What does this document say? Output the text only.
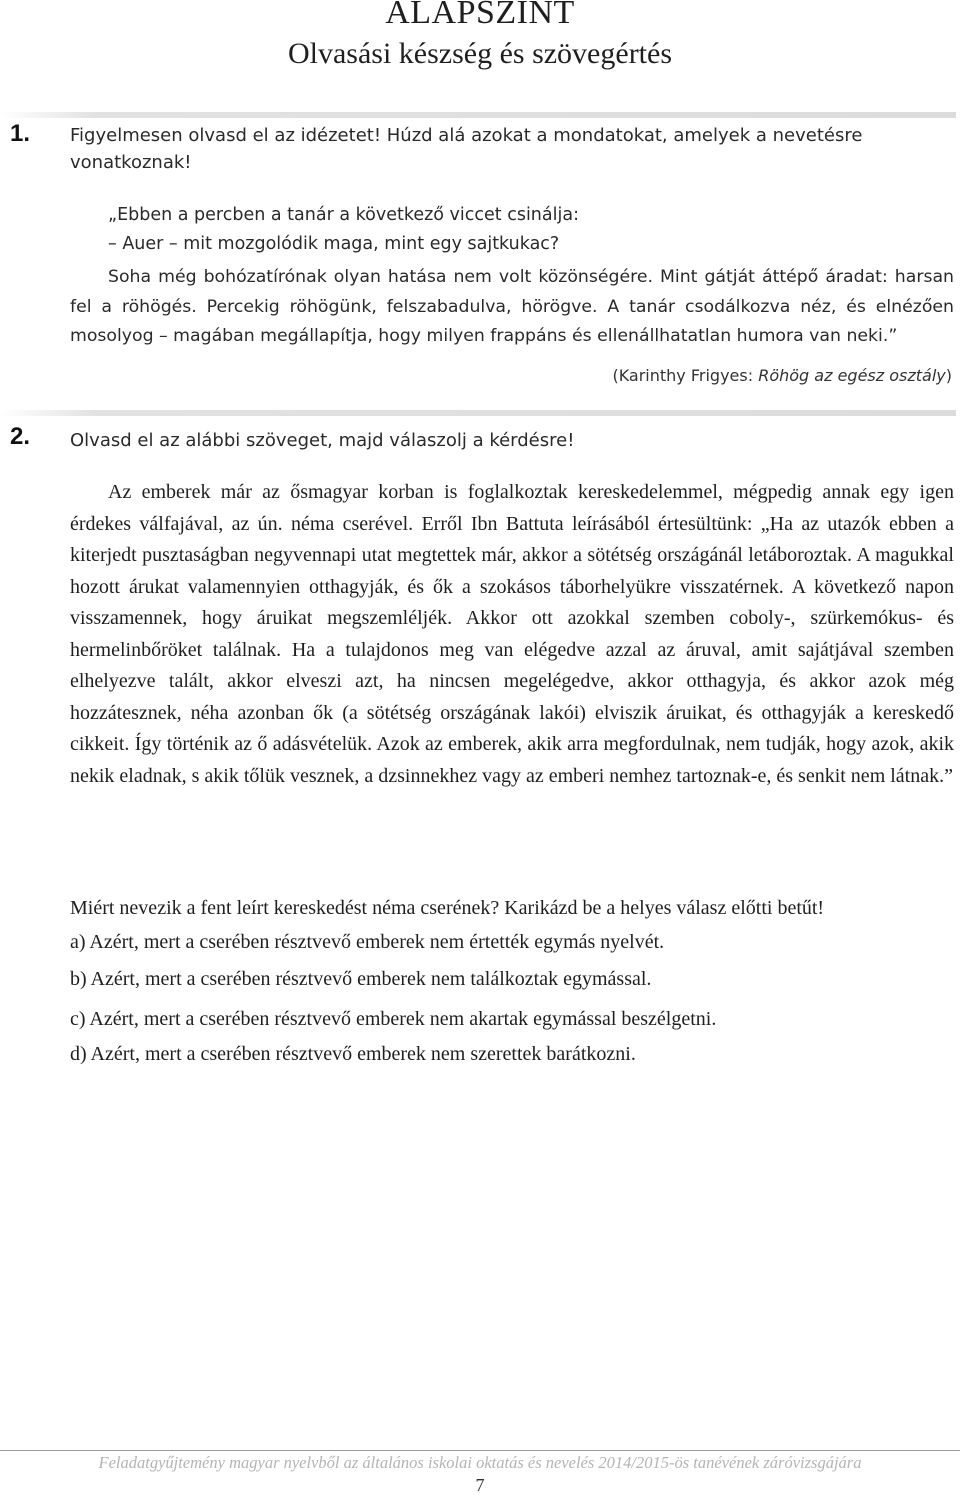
ALAPSZINT
Olvasási készség és szövegértés
1. Figyelmesen olvasd el az idézetet! Húzd alá azokat a mondatokat, amelyek a nevetésre
vonatkoznak!
„Ebben a percben a tanár a következő viccet csinálja:
– Auer – mit mozgolódik maga, mint egy sajtkukac?
Soha még bohózatírónak olyan hatása nem volt közönségére. Mint gátját áttépő áradat: harsan fel a röhögés. Percekig röhögünk, felszabadulva, hörögve. A tanár csodálkozva néz, és elnézően mosolyog – magában megállapítja, hogy milyen frappáns és ellenállhatatlan humora van neki.”
(Karinthy Frigyes: Röhög az egész osztály)
2. Olvasd el az alábbi szöveget, majd válaszolj a kérdésre!
Az emberek már az ősmagyar korban is foglalkoztak kereskedelemmel, mégpedig annak egy igen érdekes válfajával, az ún. néma cserével. Erről Ibn Battuta leírásából értesültünk: „Ha az utazók ebben a kiterjedt pusztaságban negyvennapi utat megtettek már, akkor a sötétség országánál letáboroztak. A magukkal hozott árukat valamennyien otthagyják, és ők a szokásos táborhelyükre visszatérnek. A következő napon visszamennek, hogy áruikat megszemléljék. Akkor ott azokkal szemben coboly-, szürkemókus- és hermelinbőröket találnak. Ha a tulajdonos meg van elégedve azzal az áruval, amit sajátjával szemben elhelyezve talált, akkor elveszi azt, ha nincsen megelégedve, akkor otthagyja, és akkor azok még hozzátesznek, néha azonban ők (a sötétség országának lakói) elviszik áruikat, és otthagyják a kereskedő cikkeit. Így történik az ő adásvételük. Azok az emberek, akik arra megfordulnak, nem tudják, hogy azok, akik nekik eladnak, s akik tőlük vesznek, a dzsinnekhez vagy az emberi nemhez tartoznak-e, és senkit nem látnak.”
Miért nevezik a fent leírt kereskedést néma cserének? Karikázd be a helyes válasz előtti betűt!
a) Azért, mert a cserében résztvevő emberek nem értették egymás nyelvét.
b) Azért, mert a cserében résztvevő emberek nem találkoztak egymással.
c) Azért, mert a cserében résztvevő emberek nem akartak egymással beszélgetni.
d) Azért, mert a cserében résztvevő emberek nem szerettek barátkozni.
Feladatgyűjtemény magyar nyelvből az általános iskolai oktatás és nevelés 2014/2015-ös tanévének záróvizsgájára
7
